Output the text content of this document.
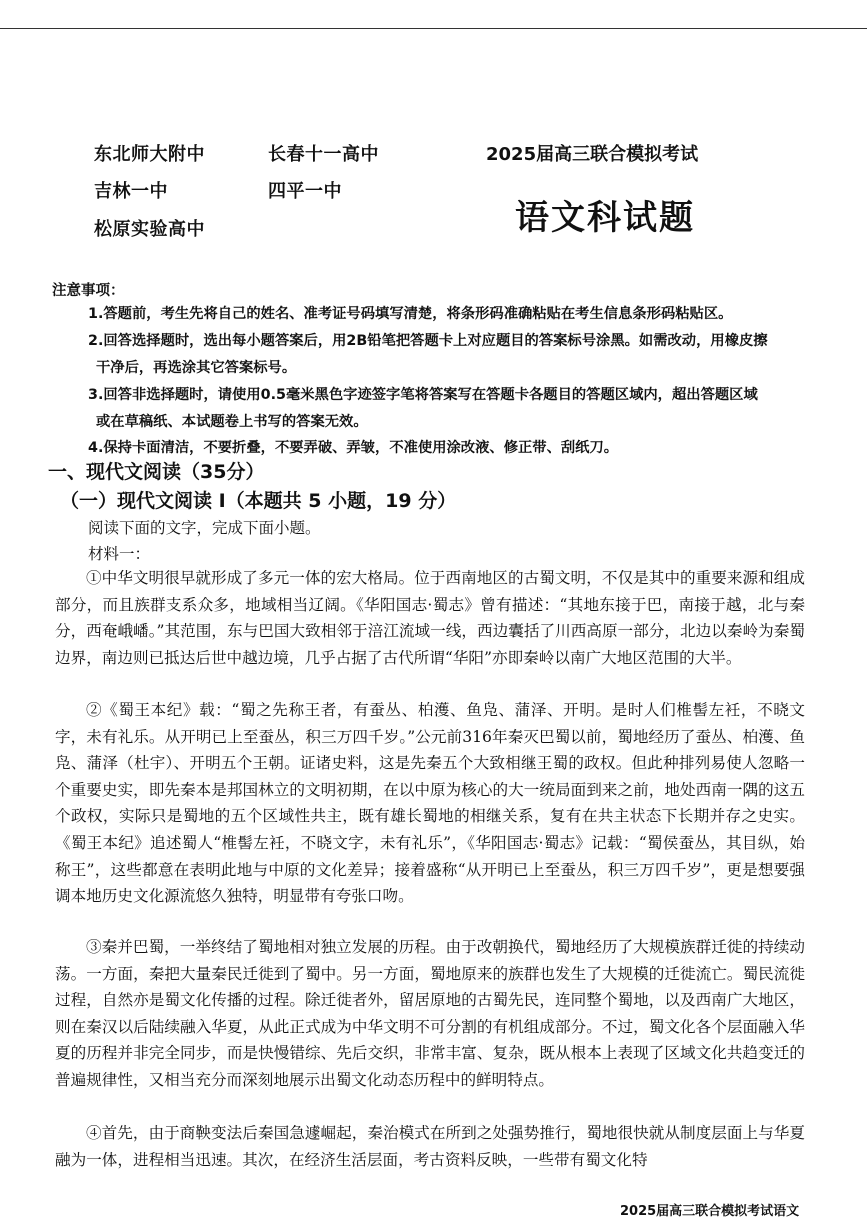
东北师大附中	长春十一高中
吉林一中	四平一中
松原实验高中
2025届高三联合模拟考试
语文科试题
注意事项：
1.答题前，考生先将自己的姓名、准考证号码填写清楚，将条形码准确粘贴在考生信息条形码粘贴区。
2.回答选择题时，选出每小题答案后，用2B铅笔把答题卡上对应题目的答案标号涂黑。如需改动，用橡皮擦
干净后，再选涂其它答案标号。
3.回答非选择题时，请使用0.5毫米黑色字迹签字笔将答案写在答题卡各题目的答题区域内，超出答题区域
或在草稿纸、本试题卷上书写的答案无效。
4.保持卡面清洁，不要折叠，不要弄破、弄皱，不准使用涂改液、修正带、刮纸刀。
一、现代文阅读（35分）
（一）现代文阅读 I（本题共 5 小题，19 分）
阅读下面的文字，完成下面小题。
材料一：
①中华文明很早就形成了多元一体的宏大格局。位于西南地区的古蜀文明，不仅是其中的重要来源和组成部分，而且族群支系众多，地域相当辽阔。《华阳国志·蜀志》曾有描述：“其地东接于巴，南接于越，北与秦分，西奄峨嶓。”其范围，东与巴国大致相邻于涪江流域一线，西边囊括了川西高原一部分，北边以秦岭为秦蜀边界，南边则已抵达后世中越边境，几乎占据了古代所谓“华阳”亦即秦岭以南广大地区范围的大半。
②《蜀王本纪》载：“蜀之先称王者，有蚕丛、柏濩、鱼凫、蒲泽、开明。是时人们椎髻左衽，不晓文字，未有礼乐。从开明已上至蚕丛，积三万四千岁。”公元前316年秦灭巴蜀以前，蜀地经历了蚕丛、柏濩、鱼凫、蒲泽（杜宇）、开明五个王朝。证诸史料，这是先秦五个大致相继王蜀的政权。但此种排列易使人忽略一个重要史实，即先秦本是邦国林立的文明初期，在以中原为核心的大一统局面到来之前，地处西南一隅的这五个政权，实际只是蜀地的五个区域性共主，既有雄长蜀地的相继关系，复有在共主状态下长期并存之史实。《蜀王本纪》追述蜀人“椎髻左衽，不晓文字，未有礼乐”，《华阳国志·蜀志》记载：“蜀侯蚕丛，其目纵，始称王”，这些都意在表明此地与中原的文化差异；接着盛称“从开明已上至蚕丛，积三万四千岁”，更是想要强调本地历史文化源流悠久独特，明显带有夸张口吻。
③秦并巴蜀，一举终结了蜀地相对独立发展的历程。由于改朝换代，蜀地经历了大规模族群迁徙的持续动荡。一方面，秦把大量秦民迁徙到了蜀中。另一方面，蜀地原来的族群也发生了大规模的迁徙流亡。蜀民流徙过程，自然亦是蜀文化传播的过程。除迁徙者外，留居原地的古蜀先民，连同整个蜀地，以及西南广大地区，则在秦汉以后陆续融入华夏，从此正式成为中华文明不可分割的有机组成部分。不过，蜀文化各个层面融入华夏的历程并非完全同步，而是快慢错综、先后交织，非常丰富、复杂，既从根本上表现了区域文化共趋变迁的普遍规律性，又相当充分而深刻地展示出蜀文化动态历程中的鲜明特点。
④首先，由于商鞅变法后秦国急遽崛起，秦治模式在所到之处强势推行，蜀地很快就从制度层面上与华夏融为一体，进程相当迅速。其次，在经济生活层面，考古资料反映，一些带有蜀文化特
2025届高三联合模拟考试语文
